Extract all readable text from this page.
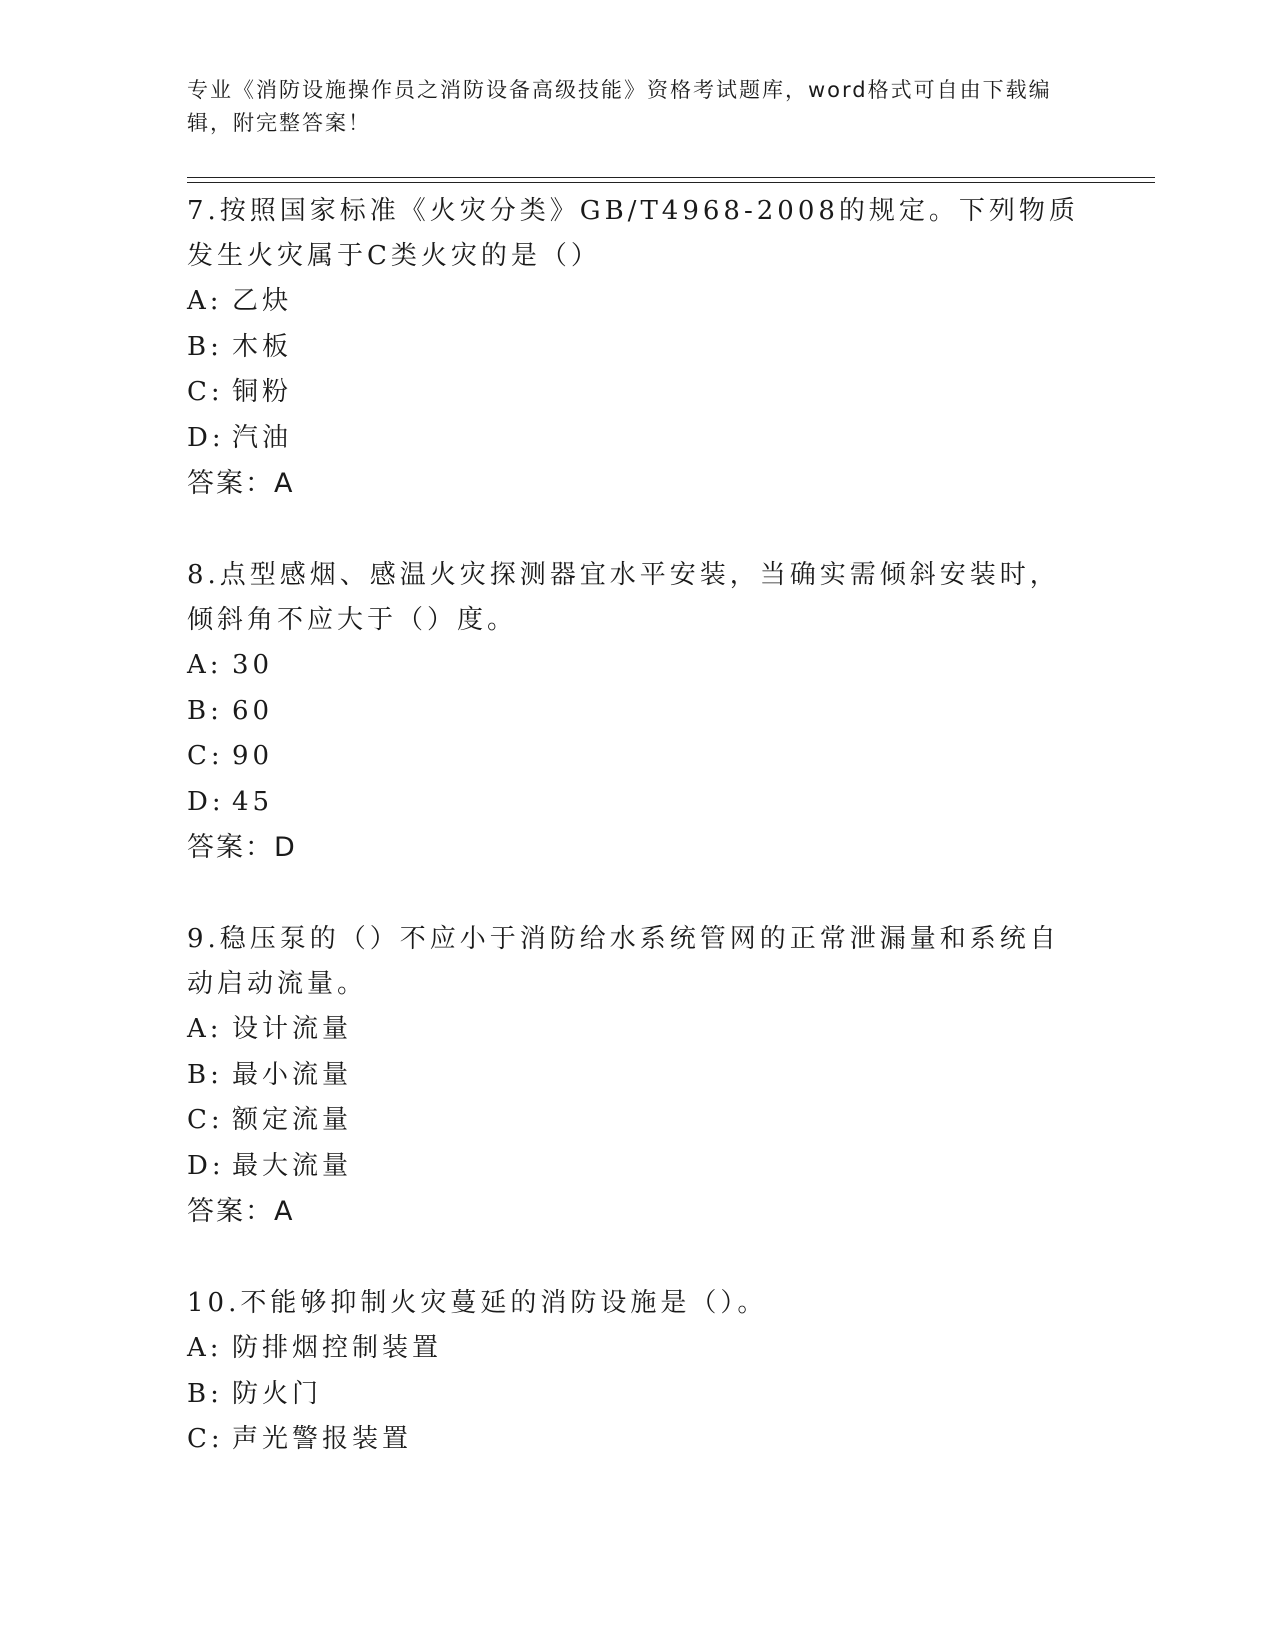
专业《消防设施操作员之消防设备高级技能》资格考试题库，word格式可自由下载编辑，附完整答案！
7.按照国家标准《火灾分类》GB/T4968-2008的规定。下列物质发生火灾属于C类火灾的是（）
A: 乙炔
B: 木板
C: 铜粉
D: 汽油
答案：A
8.点型感烟、感温火灾探测器宜水平安装，当确实需倾斜安装时，倾斜角不应大于（）度。
A: 30
B: 60
C: 90
D: 45
答案：D
9.稳压泵的（）不应小于消防给水系统管网的正常泄漏量和系统自动启动流量。
A: 设计流量
B: 最小流量
C: 额定流量
D: 最大流量
答案：A
10.不能够抑制火灾蔓延的消防设施是（）。
A: 防排烟控制装置
B: 防火门
C: 声光警报装置
